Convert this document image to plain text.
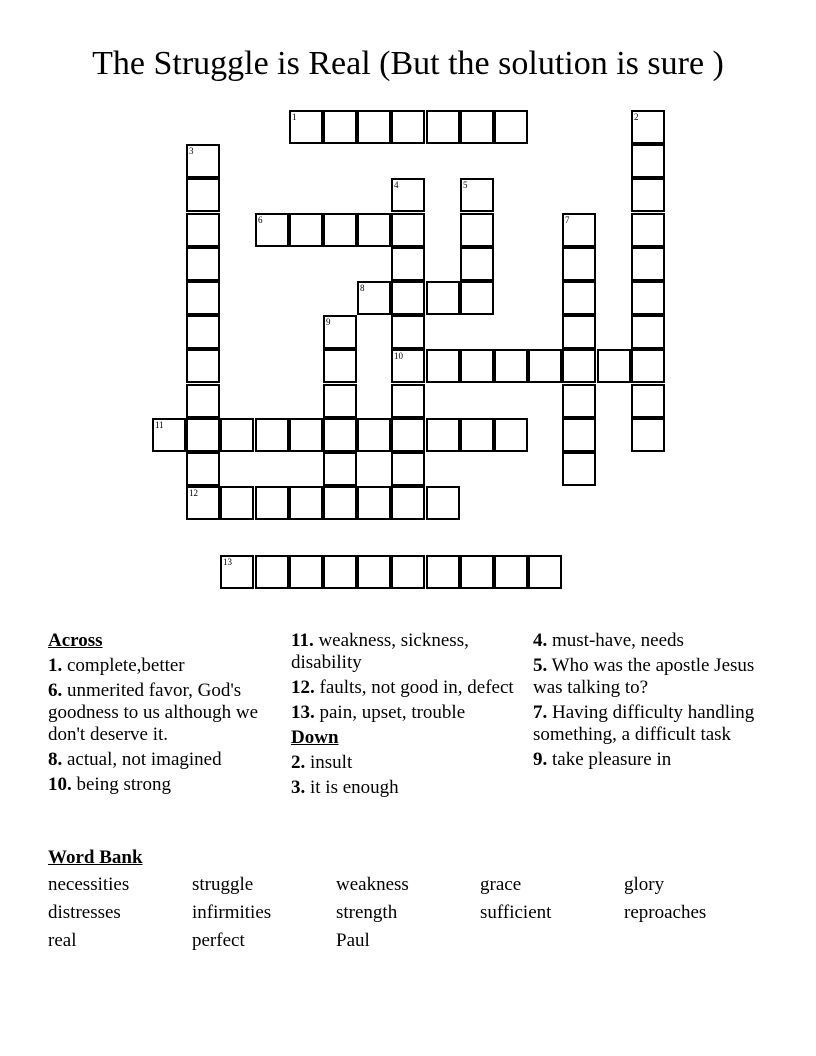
The Struggle is Real (But the solution is sure )
1	2
3
4
10
5
6	7
8
9
11
12
13
Across
1. complete,better
6. unmerited favor, God's goodness to us although we don't deserve it.
8. actual, not imagined
10. being strong
11. weakness, sickness, disability
12. faults, not good in, defect
13. pain, upset, trouble
Down
2. insult
3. it is enough
4. must-have, needs
5. Who was the apostle Jesus was talking to?
7. Having difficulty handling something, a difficult task
9. take pleasure in
Word Bank
necessities	struggle	weakness	grace	glory
distresses	infirmities	strength	sufficient	reproaches
real	perfect	Paul
